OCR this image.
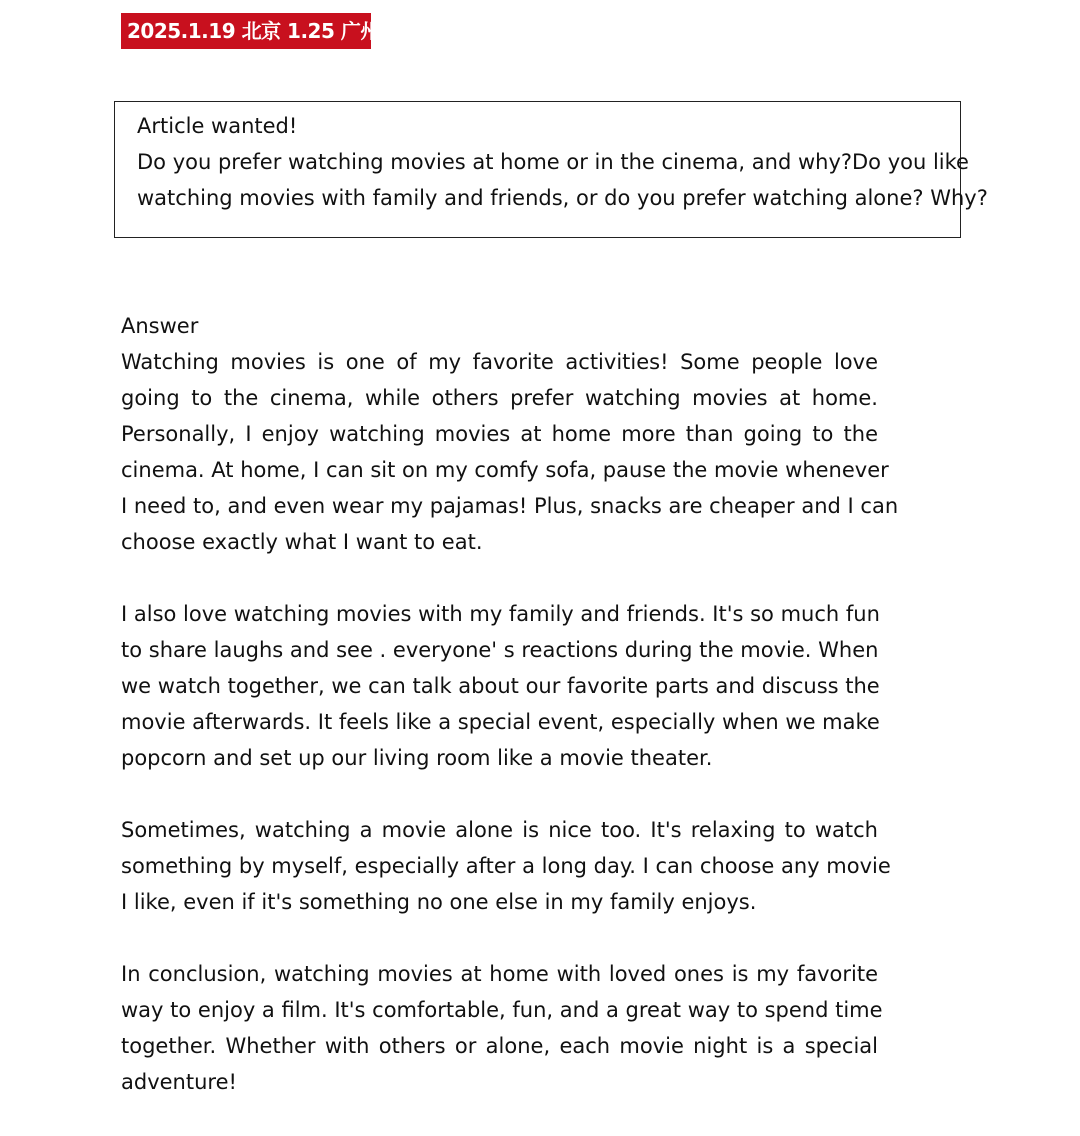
2025.1.19 北京 1.25 广州
Article wanted!
Do you prefer watching movies at home or in the cinema, and why?Do you like
watching movies with family and friends, or do you prefer watching alone? Why?
Answer
Watching movies is one of my favorite activities! Some people love
going to the cinema, while others prefer watching movies at home.
Personally, I enjoy watching movies at home more than going to the
cinema. At home, I can sit on my comfy sofa, pause the movie whenever
I need to, and even wear my pajamas! Plus, snacks are cheaper and I can
choose exactly what I want to eat.
I also love watching movies with my family and friends. It's so much fun
to share laughs and see . everyone' s reactions during the movie. When
we watch together, we can talk about our favorite parts and discuss the
movie afterwards. It feels like a special event, especially when we make
popcorn and set up our living room like a movie theater.
Sometimes, watching a movie alone is nice too. It's relaxing to watch
something by myself, especially after a long day. I can choose any movie
I like, even if it's something no one else in my family enjoys.
In conclusion, watching movies at home with loved ones is my favorite
way to enjoy a film. It's comfortable, fun, and a great way to spend time
together. Whether with others or alone, each movie night is a special
adventure!
